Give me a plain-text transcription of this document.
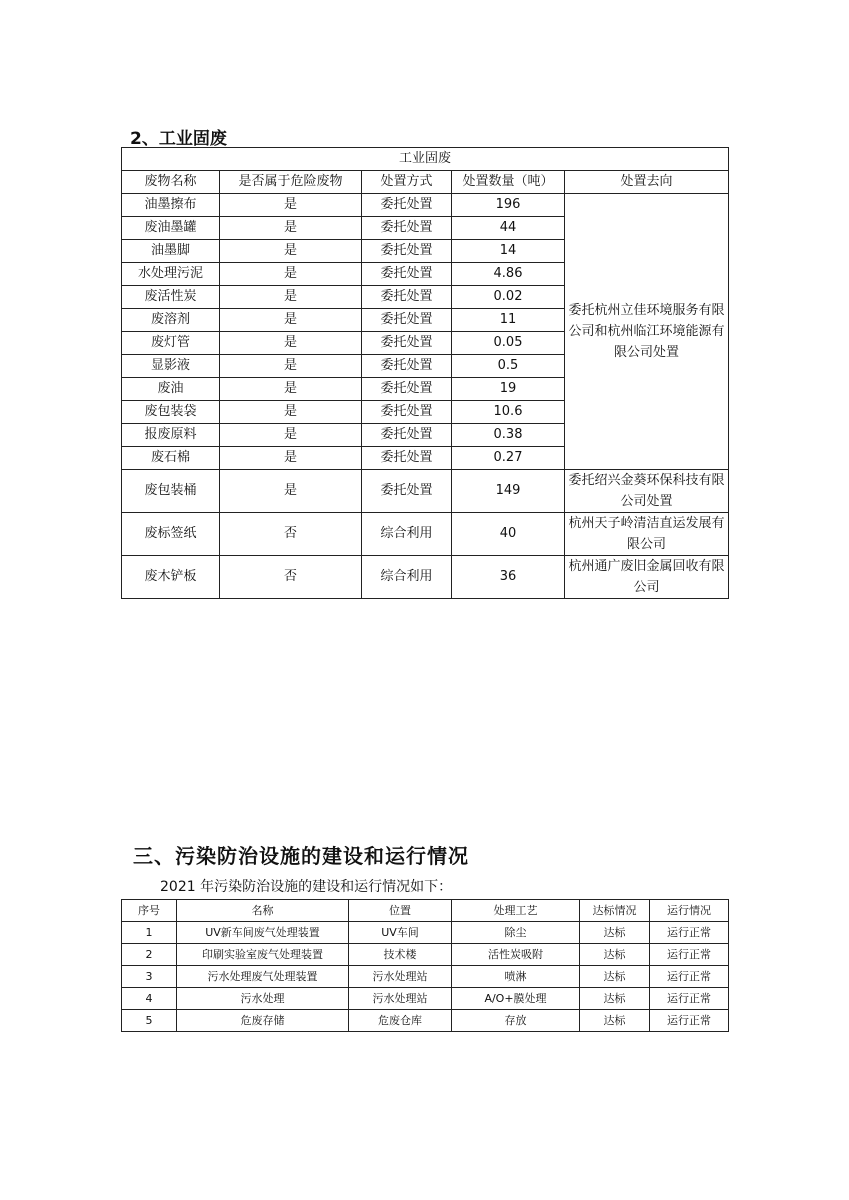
2、工业固废
工业固废				
废物名称	是否属于危险废物	处置方式	处置数量（吨）	处置去向
油墨擦布	是	委托处置	196	委托杭州立佳环境服务有限公司和杭州临江环境能源有限公司处置
废油墨罐	是	委托处置	44	
油墨脚	是	委托处置	14	
水处理污泥	是	委托处置	4.86	
废活性炭	是	委托处置	0.02	
废溶剂	是	委托处置	11	
废灯管	是	委托处置	0.05	
显影液	是	委托处置	0.5	
废油	是	委托处置	19	
废包装袋	是	委托处置	10.6	
报废原料	是	委托处置	0.38	
废石棉	是	委托处置	0.27	
废包装桶	是	委托处置	149	委托绍兴金葵环保科技有限公司处置
废标签纸	否	综合利用	40	杭州天子岭清洁直运发展有限公司
废木铲板	否	综合利用	36	杭州通广废旧金属回收有限公司
三、污染防治设施的建设和运行情况
2021 年污染防治设施的建设和运行情况如下：
序号	名称	位置	处理工艺	达标情况	运行情况
1	UV新车间废气处理装置	UV车间	除尘	达标	运行正常
2	印刷实验室废气处理装置	技术楼	活性炭吸附	达标	运行正常
3	污水处理废气处理装置	污水处理站	喷淋	达标	运行正常
4	污水处理	污水处理站	A/O+膜处理	达标	运行正常
5	危废存储	危废仓库	存放	达标	运行正常
